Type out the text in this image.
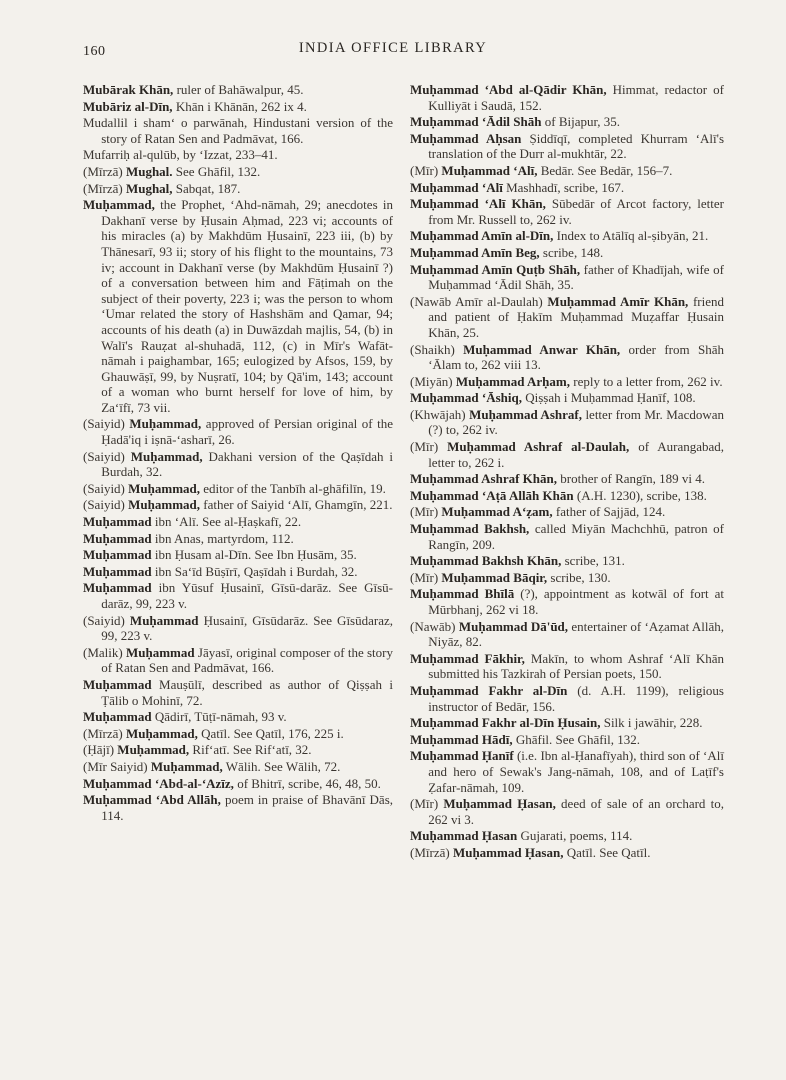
160	INDIA OFFICE LIBRARY

Mubārak Khān, ruler of Bahāwalpur, 45.

Mubāriz al-Dīn, Khān i Khānān, 262 ix 4.

Mudallil i sham‘ o parwānah, Hindustani version of the story of Ratan Sen and Padmāvat, 166.

Mufarriḥ al-qulūb, by ‘Izzat, 233–41.

(Mīrzā) Mughal. See Ghāfil, 132.

(Mīrzā) Mughal, Sabqat, 187.

Muḥammad, the Prophet, ‘Ahd-nāmah, 29; anecdotes in Dakhanī verse by Ḥusain Aḥmad, 223 vi; accounts of his miracles (a) by Makhdūm Ḥusainī, 223 iii, (b) by Thānesarī, 93 ii; story of his flight to the mountains, 73 iv; account in Dakhanī verse (by Makhdūm Ḥusainī ?) of a conversation between him and Fāṭimah on the subject of their poverty, 223 i; was the person to whom ‘Umar related the story of Hashshām and Qamar, 94; accounts of his death (a) in Duwāzdah majlis, 54, (b) in Walī's Rauẓat al-shuhadā, 112, (c) in Mīr's Wafāt-nāmah i paighambar, 165; eulogized by Afsos, 159, by Ghauwāṣī, 99, by Nuṣratī, 104; by Qā'im, 143; account of a woman who burnt herself for love of him, by Za‘īfī, 73 vii.

(Saiyid) Muḥammad, approved of Persian original of the Ḥadā'iq i iṣnā-‘asharī, 26.

(Saiyid) Muḥammad, Dakhani version of the Qaṣīdah i Burdah, 32.

(Saiyid) Muḥammad, editor of the Tanbīh al-ghāfilīn, 19.

(Saiyid) Muḥammad, father of Saiyid ‘Alī, Ghamgīn, 221.

Muḥammad ibn ‘Alī. See al-Ḥaṣkafī, 22.

Muḥammad ibn Anas, martyrdom, 112.

Muḥammad ibn Ḥusam al-Dīn. See Ibn Ḥusām, 35.

Muḥammad ibn Sa‘īd Būṣīrī, Qaṣīdah i Burdah, 32.

Muḥammad ibn Yūsuf Ḥusainī, Gīsū-darāz. See Gīsū-darāz, 99, 223 v.

(Saiyid) Muḥammad Ḥusainī, Gīsūdarāz. See Gīsūdaraz, 99, 223 v.

(Malik) Muḥammad Jāyasī, original composer of the story of Ratan Sen and Padmāvat, 166.

Muḥammad Mauṣūlī, described as author of Qiṣṣah i Ṭālib o Mohinī, 72.

Muḥammad Qādirī, Tūṭī-nāmah, 93 v.

(Mīrzā) Muḥammad, Qatīl. See Qatīl, 176, 225 i.

(Ḥājī) Muḥammad, Rif‘atī. See Rif‘atī, 32.

(Mīr Saiyid) Muḥammad, Wālih. See Wālih, 72.

Muḥammad ‘Abd-al-‘Azīz, of Bhitrī, scribe, 46, 48, 50.

Muḥammad ‘Abd Allāh, poem in praise of Bhavānī Dās, 114.

Muḥammad ‘Abd al-Qādir Khān, Himmat, redactor of Kulliyāt i Saudā, 152.

Muḥammad ‘Ādil Shāh of Bijapur, 35.

Muḥammad Aḥsan Ṣiddīqī, completed Khurram ‘Alī's translation of the Durr al-mukhtār, 22.

(Mīr) Muḥammad ‘Alī, Bedār. See Bedār, 156–7.

Muḥammad ‘Alī Mashhadī, scribe, 167.

Muḥammad ‘Alī Khān, Sūbedār of Arcot factory, letter from Mr. Russell to, 262 iv.

Muḥammad Amīn al-Dīn, Index to Atālīq al-ṣibyān, 21.

Muḥammad Amīn Beg, scribe, 148.

Muḥammad Amīn Quṭb Shāh, father of Khadījah, wife of Muḥammad ‘Ādil Shāh, 35.

(Nawāb Amīr al-Daulah) Muḥammad Amīr Khān, friend and patient of Ḥakīm Muḥammad Muẓaffar Ḥusain Khān, 25.

(Shaikh) Muḥammad Anwar Khān, order from Shāh ‘Ālam to, 262 viii 13.

(Miyān) Muḥammad Arḥam, reply to a letter from, 262 iv.

Muḥammad ‘Āshiq, Qiṣṣah i Muḥammad Ḥanīf, 108.

(Khwājah) Muḥammad Ashraf, letter from Mr. Macdowan (?) to, 262 iv.

(Mīr) Muḥammad Ashraf al-Daulah, of Aurangabad, letter to, 262 i.

Muḥammad Ashraf Khān, brother of Rangīn, 189 vi 4.

Muḥammad ‘Aṭā Allāh Khān (A.H. 1230), scribe, 138.

(Mīr) Muḥammad A‘ẓam, father of Sajjād, 124.

Muḥammad Bakhsh, called Miyān Machchhū, patron of Rangīn, 209.

Muḥammad Bakhsh Khān, scribe, 131.

(Mīr) Muḥammad Bāqir, scribe, 130.

Muḥammad Bhīlā (?), appointment as kotwāl of fort at Mūrbhanj, 262 vi 18.

(Nawāb) Muḥammad Dā'ūd, entertainer of ‘Aẓamat Allāh, Niyāz, 82.

Muḥammad Fākhir, Makīn, to whom Ashraf ‘Alī Khān submitted his Tazkirah of Persian poets, 150.

Muḥammad Fakhr al-Dīn (d. A.H. 1199), religious instructor of Bedār, 156.

Muḥammad Fakhr al-Dīn Ḥusain, Silk i jawāhir, 228.

Muḥammad Hādī, Ghāfil. See Ghāfil, 132.

Muḥammad Ḥanīf (i.e. Ibn al-Ḥanafīyah), third son of ‘Alī and hero of Sewak's Jang-nāmah, 108, and of Laṭīf's Ẓafar-nāmah, 109.

(Mīr) Muḥammad Ḥasan, deed of sale of an orchard to, 262 vi 3.

Muḥammad Ḥasan Gujarati, poems, 114.

(Mīrzā) Muḥammad Ḥasan, Qatīl. See Qatīl.
